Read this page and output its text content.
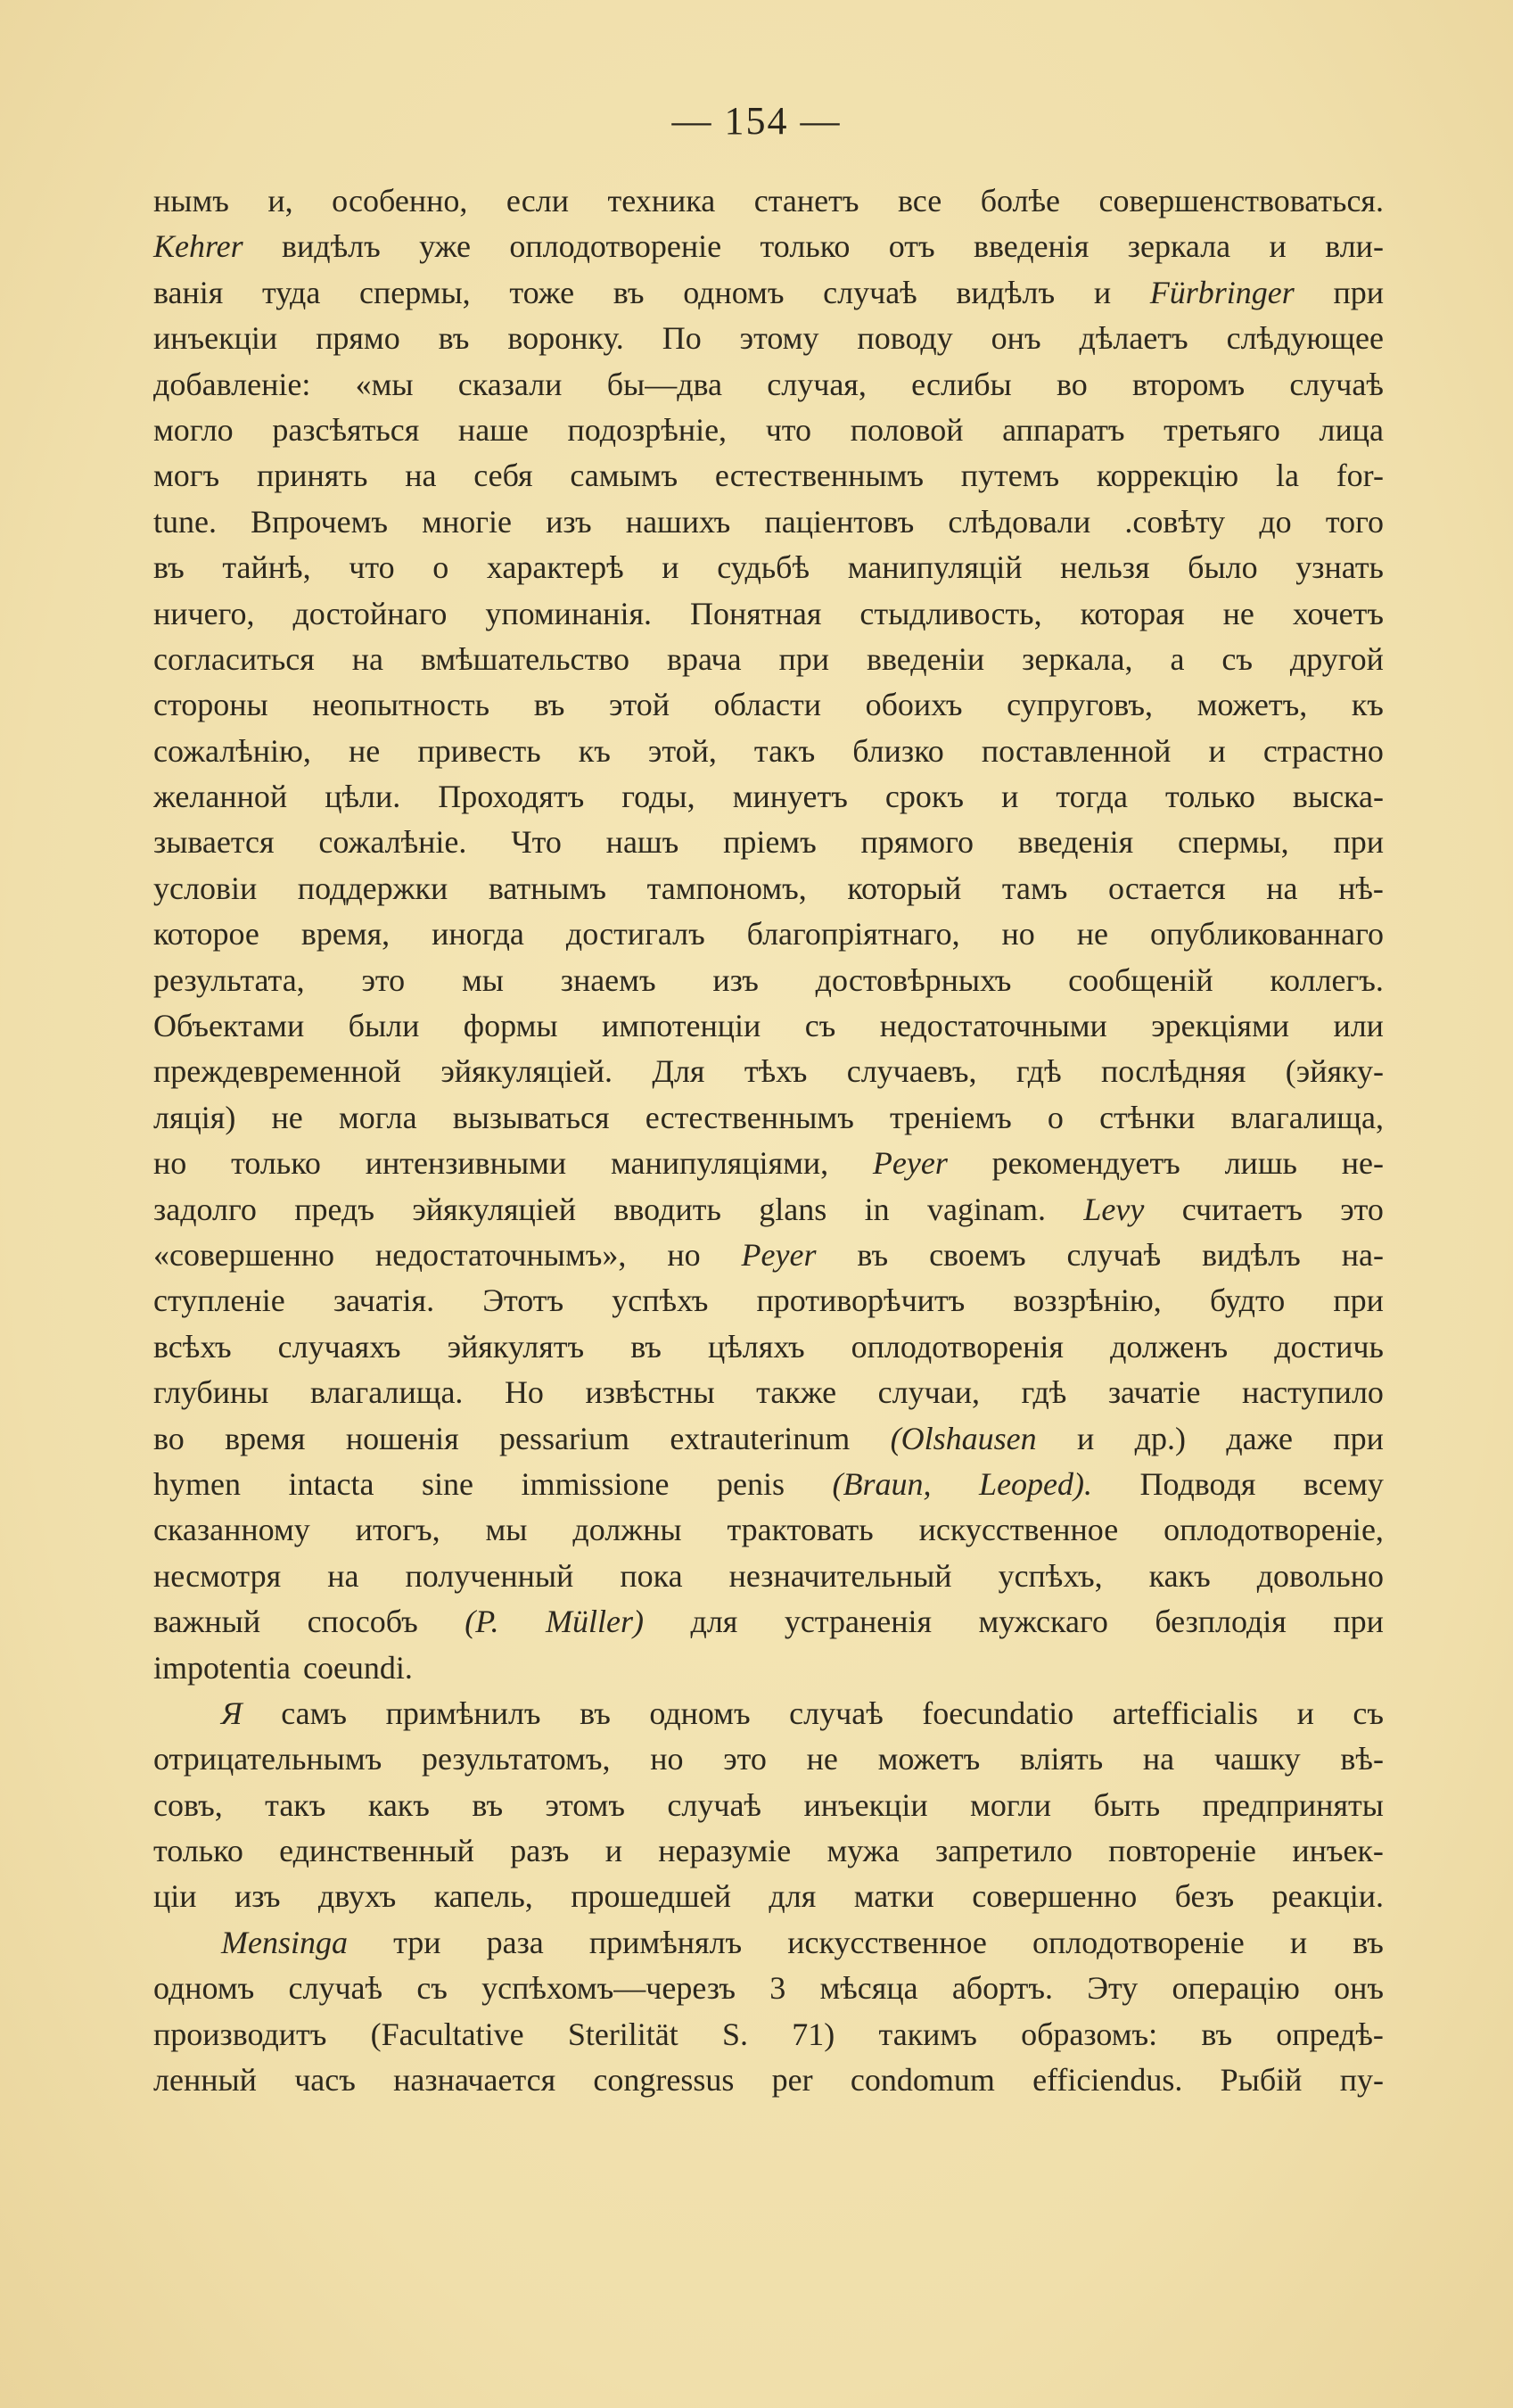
— 154 —
нымъ и, особенно, если техника станетъ все болѣе совершенствоваться.
Kehrer видѣлъ уже оплодотвореніе только отъ введенія зеркала и вли-
ванія туда спермы, тоже въ одномъ случаѣ видѣлъ и Fürbringer при
инъекціи прямо въ воронку. По этому поводу онъ дѣлаетъ слѣдующее
добавленіе: «мы сказали бы—два случая, еслибы во второмъ случаѣ
могло разсѣяться наше подозрѣніе, что половой аппаратъ третьяго лица
могъ принять на себя самымъ естественнымъ путемъ коррекцію la for-
tune. Впрочемъ многіе изъ нашихъ паціентовъ слѣдовали .совѣту до того
въ тайнѣ, что о характерѣ и судьбѣ манипуляцій нельзя было узнать
ничего, достойнаго упоминанія. Понятная стыдливость, которая не хочетъ
согласиться на вмѣшательство врача при введеніи зеркала, а съ другой
стороны неопытность въ этой области обоихъ супруговъ, можетъ, къ
сожалѣнію, не привесть къ этой, такъ близко поставленной и страстно
желанной цѣли. Проходятъ годы, минуетъ срокъ и тогда только выска-
зывается сожалѣніе. Что нашъ пріемъ прямого введенія спермы, при
условіи поддержки ватнымъ тампономъ, который тамъ остается на нѣ-
которое время, иногда достигалъ благопріятнаго, но не опубликованнаго
результата, это мы знаемъ изъ достовѣрныхъ сообщеній коллегъ.
Объектами были формы импотенціи съ недостаточными эрекціями или
преждевременной эйякуляціей. Для тѣхъ случаевъ, гдѣ послѣдняя (эйяку-
ляція) не могла вызываться естественнымъ треніемъ о стѣнки влагалища,
но только интензивными манипуляціями, Peyer рекомендуетъ лишь не-
задолго предъ эйякуляціей вводить glans in vaginam. Levy считаетъ это
«совершенно недостаточнымъ», но Peyer въ своемъ случаѣ видѣлъ на-
ступленіе зачатія. Этотъ успѣхъ противорѣчитъ воззрѣнію, будто при
всѣхъ случаяхъ эйякулятъ въ цѣляхъ оплодотворенія долженъ достичь
глубины влагалища. Но извѣстны также случаи, гдѣ зачатіе наступило
во время ношенія pessarium extrauterinum (Olshausen и др.) даже при
hymen intacta sine immissione penis (Braun, Leoped). Подводя всему
сказанному итогъ, мы должны трактовать искусственное оплодотвореніе,
несмотря на полученный пока незначительный успѣхъ, какъ довольно
важный способъ (P. Müller) для устраненія мужскаго безплодія при
impotentia coeundi.
Я самъ примѣнилъ въ одномъ случаѣ foecundatio artefficialis и съ
отрицательнымъ результатомъ, но это не можетъ вліять на чашку вѣ-
совъ, такъ какъ въ этомъ случаѣ инъекціи могли быть предприняты
только единственный разъ и неразуміе мужа запретило повтореніе инъек-
ціи изъ двухъ капель, прошедшей для матки совершенно безъ реакціи.
Mensinga три раза примѣнялъ искусственное оплодотвореніе и въ
одномъ случаѣ съ успѣхомъ—черезъ 3 мѣсяца абортъ. Эту операцію онъ
производитъ (Facultative Sterilität S. 71) такимъ образомъ: въ опредѣ-
ленный часъ назначается congressus per condomum efficiendus. Рыбій пу-
